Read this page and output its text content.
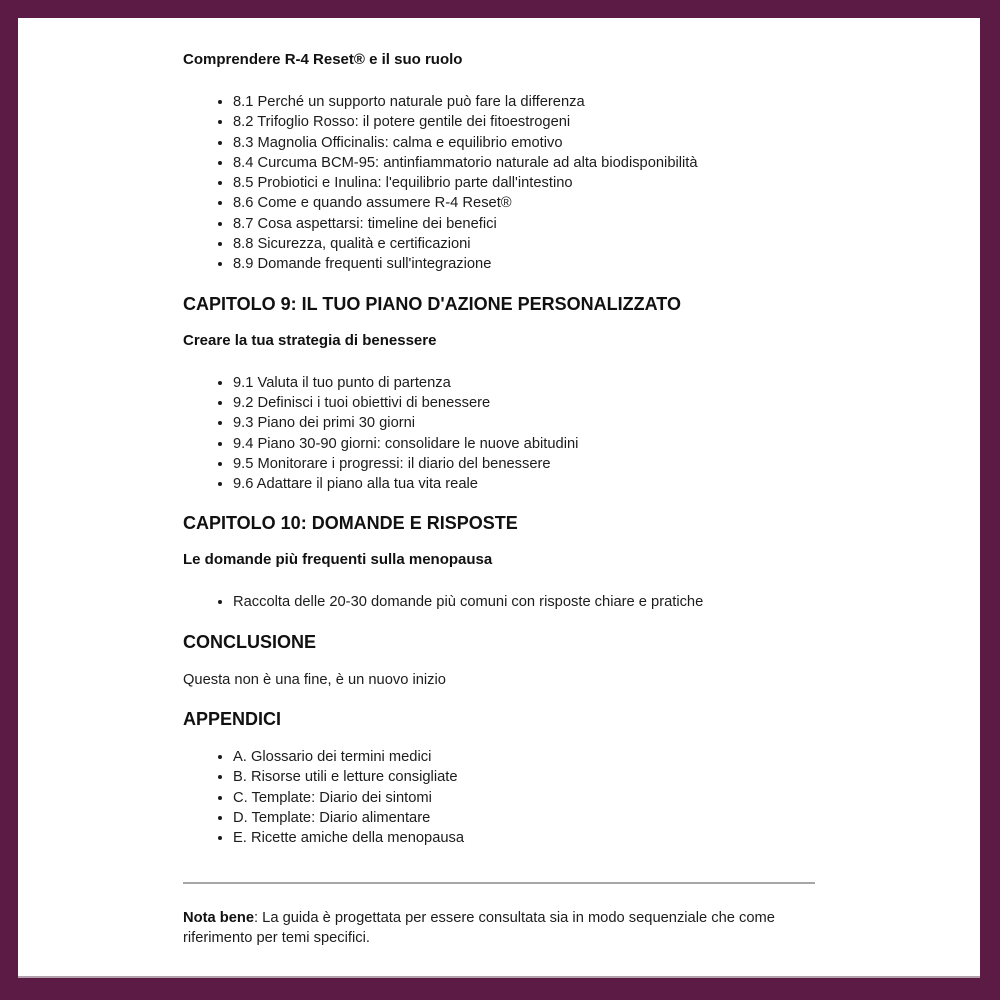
Comprendere R-4 Reset® e il suo ruolo
• 8.1 Perché un supporto naturale può fare la differenza
• 8.2 Trifoglio Rosso: il potere gentile dei fitoestrogeni
• 8.3 Magnolia Officinalis: calma e equilibrio emotivo
• 8.4 Curcuma BCM-95: antinfiammatorio naturale ad alta biodisponibilità
• 8.5 Probiotici e Inulina: l'equilibrio parte dall'intestino
• 8.6 Come e quando assumere R-4 Reset®
• 8.7 Cosa aspettarsi: timeline dei benefici
• 8.8 Sicurezza, qualità e certificazioni
• 8.9 Domande frequenti sull'integrazione
CAPITOLO 9: IL TUO PIANO D'AZIONE PERSONALIZZATO
Creare la tua strategia di benessere
• 9.1 Valuta il tuo punto di partenza
• 9.2 Definisci i tuoi obiettivi di benessere
• 9.3 Piano dei primi 30 giorni
• 9.4 Piano 30-90 giorni: consolidare le nuove abitudini
• 9.5 Monitorare i progressi: il diario del benessere
• 9.6 Adattare il piano alla tua vita reale
CAPITOLO 10: DOMANDE E RISPOSTE
Le domande più frequenti sulla menopausa
• Raccolta delle 20-30 domande più comuni con risposte chiare e pratiche
CONCLUSIONE

Questa non è una fine, è un nuovo inizio

APPENDICI
• A. Glossario dei termini medici
• B. Risorse utili e letture consigliate
• C. Template: Diario dei sintomi
• D. Template: Diario alimentare
• E. Ricette amiche della menopausa

Nota bene: La guida è progettata per essere consultata sia in modo sequenziale che come riferimento per temi specifici.
